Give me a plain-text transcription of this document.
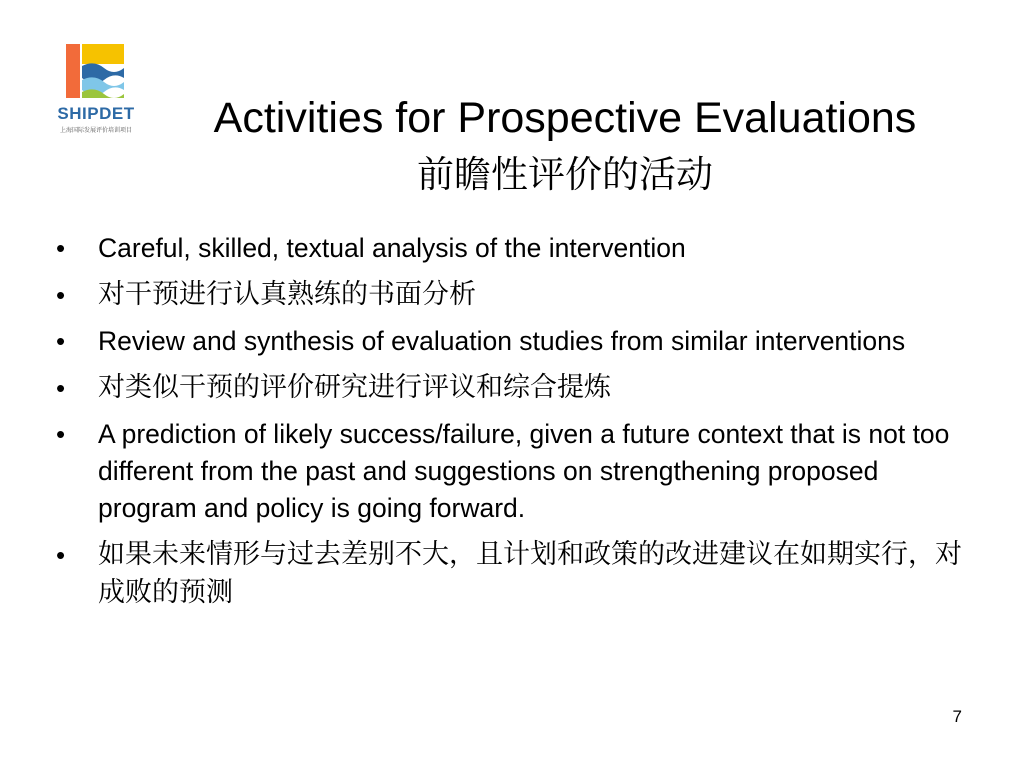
SHIPDET
上海国际发展评价培训项目	Activities for Prospective Evaluations
前瞻性评价的活动
• Careful, skilled, textual analysis of the intervention
• 对干预进行认真熟练的书面分析
• Review and synthesis of evaluation studies from similar interventions
• 对类似干预的评价研究进行评议和综合提炼
• A prediction of likely success/failure, given a future context that is not too different from the past and suggestions on strengthening proposed program and policy is going forward.
• 如果未来情形与过去差别不大，且计划和政策的改进建议在如期实行，对成败的预测
7
